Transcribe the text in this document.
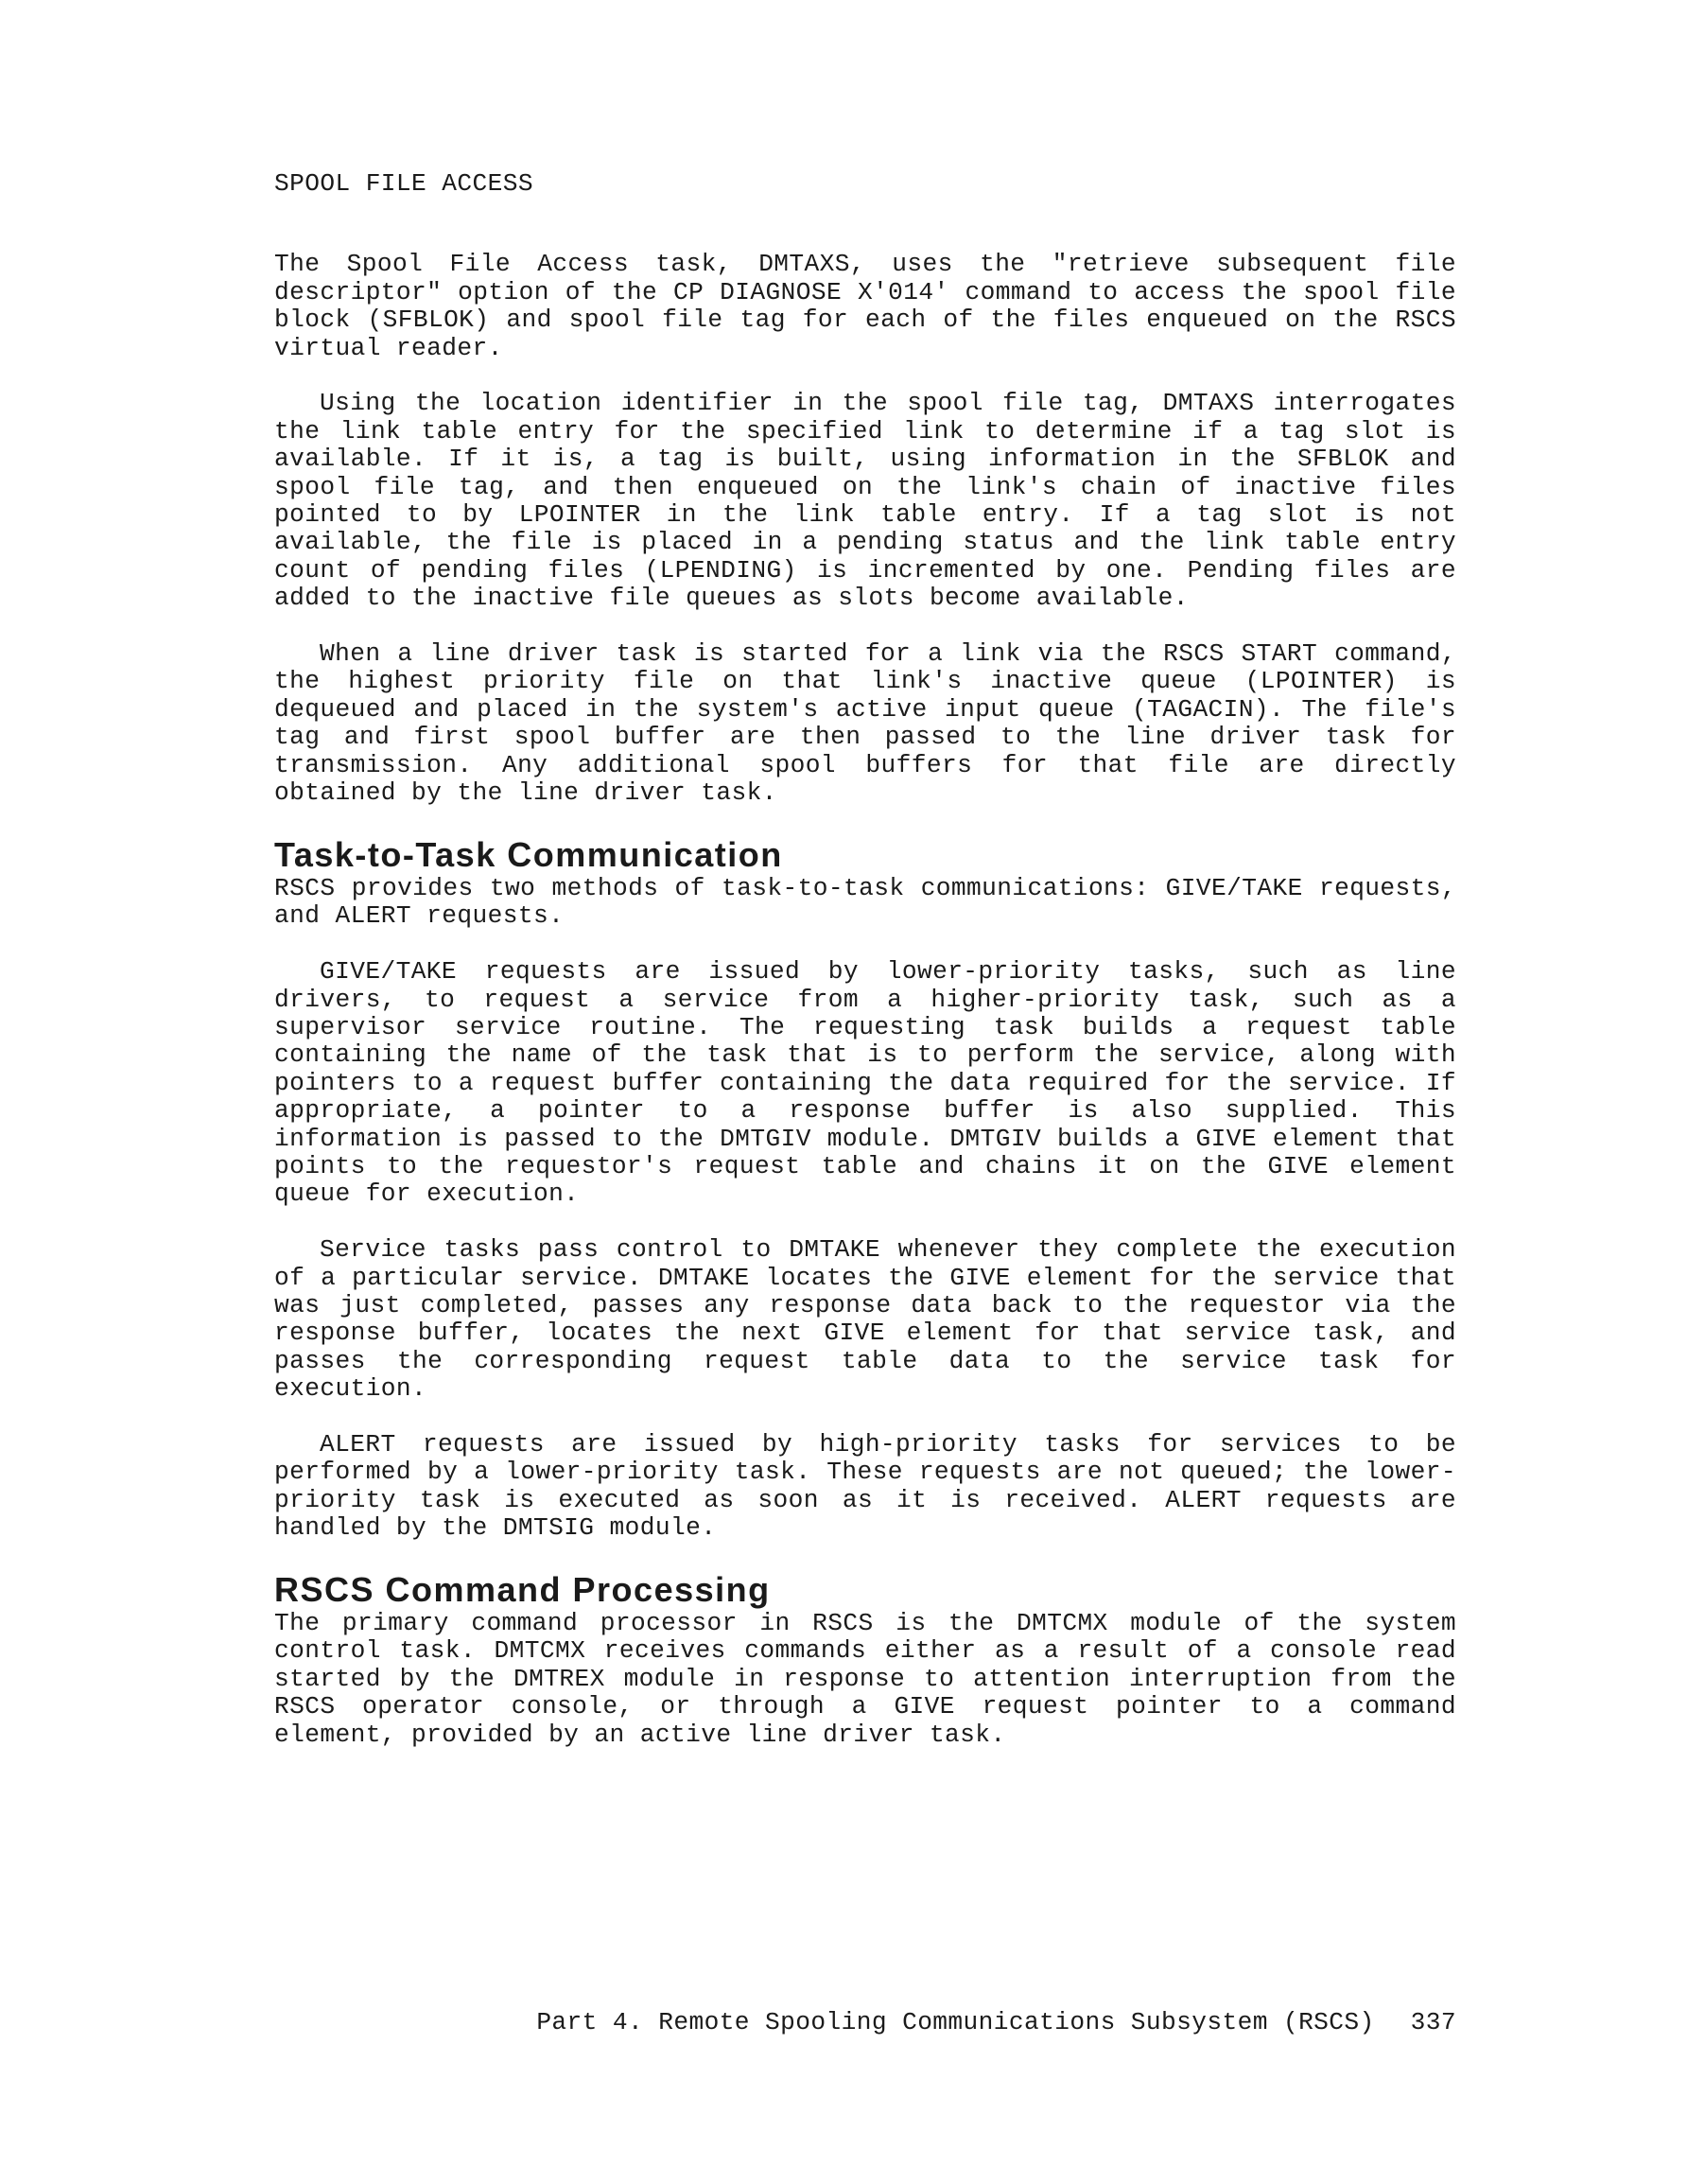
SPOOL FILE ACCESS

The Spool File Access task, DMTAXS, uses the "retrieve subsequent file descriptor" option of the CP DIAGNOSE X'014' command to access the spool file block (SFBLOK) and spool file tag for each of the files enqueued on the RSCS virtual reader.

Using the location identifier in the spool file tag, DMTAXS interrogates the link table entry for the specified link to determine if a tag slot is available. If it is, a tag is built, using information in the SFBLOK and spool file tag, and then enqueued on the link's chain of inactive files pointed to by LPOINTER in the link table entry. If a tag slot is not available, the file is placed in a pending status and the link table entry count of pending files (LPENDING) is incremented by one. Pending files are added to the inactive file queues as slots become available.

When a line driver task is started for a link via the RSCS START command, the highest priority file on that link's inactive queue (LPOINTER) is dequeued and placed in the system's active input queue (TAGACIN). The file's tag and first spool buffer are then passed to the line driver task for transmission. Any additional spool buffers for that file are directly obtained by the line driver task.

Task-to-Task Communication

RSCS provides two methods of task-to-task communications: GIVE/TAKE requests, and ALERT requests.

GIVE/TAKE requests are issued by lower-priority tasks, such as line drivers, to request a service from a higher-priority task, such as a supervisor service routine. The requesting task builds a request table containing the name of the task that is to perform the service, along with pointers to a request buffer containing the data required for the service. If appropriate, a pointer to a response buffer is also supplied. This information is passed to the DMTGIV module. DMTGIV builds a GIVE element that points to the requestor's request table and chains it on the GIVE element queue for execution.

Service tasks pass control to DMTAKE whenever they complete the execution of a particular service. DMTAKE locates the GIVE element for the service that was just completed, passes any response data back to the requestor via the response buffer, locates the next GIVE element for that service task, and passes the corresponding request table data to the service task for execution.

ALERT requests are issued by high-priority tasks for services to be performed by a lower-priority task. These requests are not queued; the lower-priority task is executed as soon as it is received. ALERT requests are handled by the DMTSIG module.

RSCS Command Processing

The primary command processor in RSCS is the DMTCMX module of the system control task. DMTCMX receives commands either as a result of a console read started by the DMTREX module in response to attention interruption from the RSCS operator console, or through a GIVE request pointer to a command element, provided by an active line driver task.

Part 4. Remote Spooling Communications Subsystem (RSCS) 337
